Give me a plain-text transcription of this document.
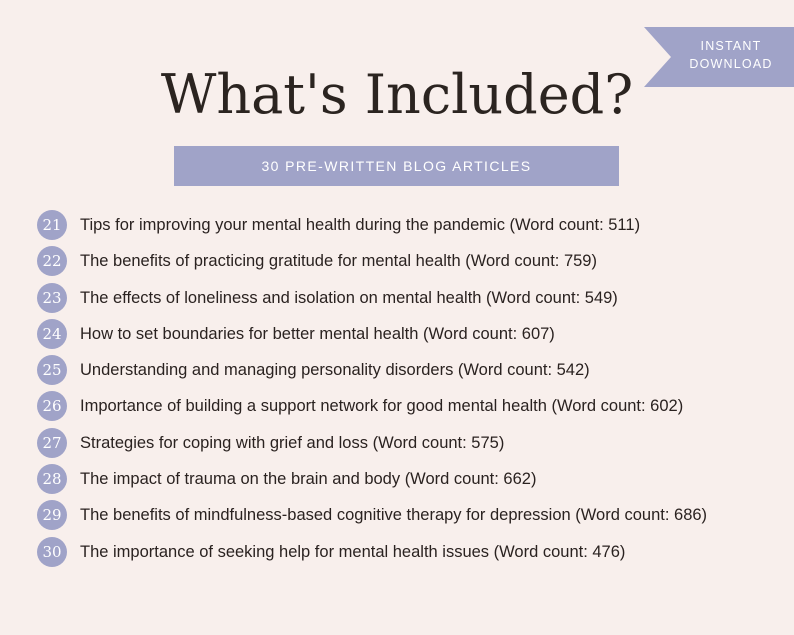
INSTANT
DOWNLOAD
What's Included?
30 PRE-WRITTEN BLOG ARTICLES
21	Tips for improving your mental health during the pandemic (Word count: 511)
22	The benefits of practicing gratitude for mental health (Word count: 759)
23	The effects of loneliness and isolation on mental health (Word count: 549)
24	How to set boundaries for better mental health (Word count: 607)
25	Understanding and managing personality disorders (Word count: 542)
26	Importance of building a support network for good mental health (Word count: 602)
27	Strategies for coping with grief and loss (Word count: 575)
28	The impact of trauma on the brain and body (Word count: 662)
29	The benefits of mindfulness-based cognitive therapy for depression (Word count: 686)
30	The importance of seeking help for mental health issues (Word count: 476)
